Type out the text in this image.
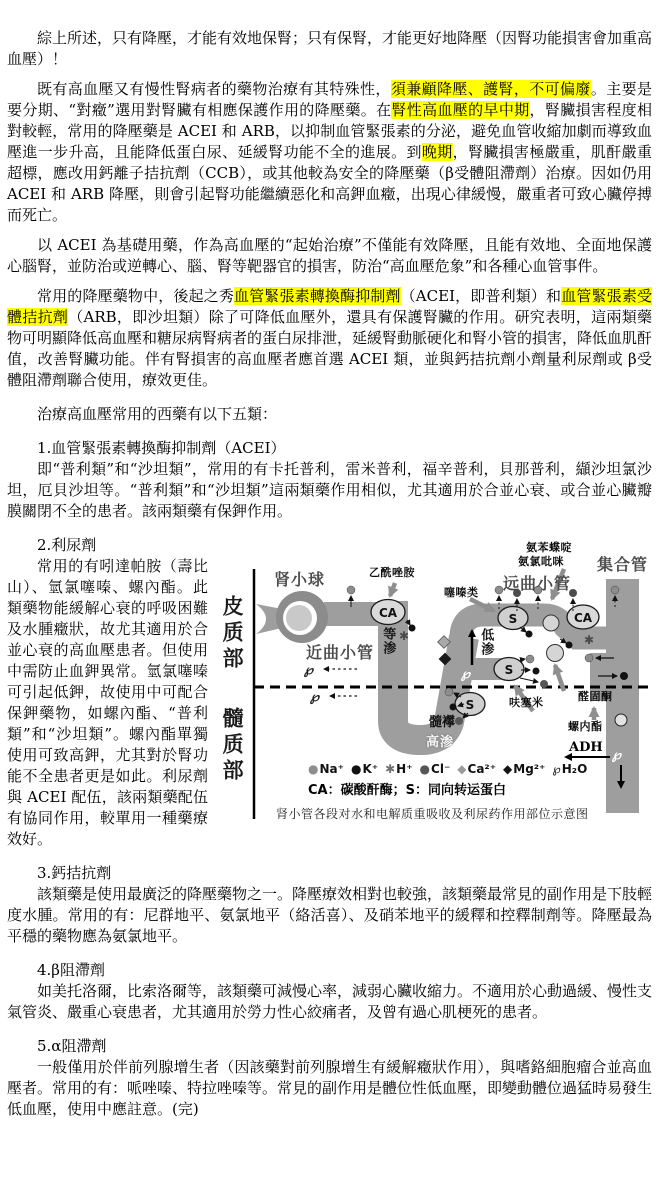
綜上所述，只有降壓，才能有效地保腎；只有保腎，才能更好地降壓（因腎功能損害會加重高血壓）！

既有高血壓又有慢性腎病者的藥物治療有其特殊性，須兼顧降壓、護腎，不可偏廢。主要是要分期、“對癥”選用對腎臟有相應保護作用的降壓藥。在腎性高血壓的早中期，腎臟損害程度相對較輕，常用的降壓藥是 ACEI 和 ARB，以抑制血管緊張素的分泌，避免血管收縮加劇而導致血壓進一步升高，且能降低蛋白尿、延緩腎功能不全的進展。到晚期，腎臟損害極嚴重，肌酐嚴重超標，應改用鈣離子拮抗劑（CCB），或其他較為安全的降壓藥（β受體阻滯劑）治療。因如仍用 ACEI 和 ARB 降壓，則會引起腎功能繼續惡化和高鉀血癥，出現心律緩慢，嚴重者可致心臟停搏而死亡。

以 ACEI 為基礎用藥，作為高血壓的“起始治療”不僅能有效降壓，且能有效地、全面地保護心腦腎，並防治或逆轉心、腦、腎等靶器官的損害，防治“高血壓危象”和各種心血管事件。

常用的降壓藥物中，後起之秀血管緊張素轉換酶抑制劑（ACEI，即普利類）和血管緊張素受體拮抗劑（ARB，即沙坦類）除了可降低血壓外，還具有保護腎臟的作用。研究表明，這兩類藥物可明顯降低高血壓和糖尿病腎病者的蛋白尿排泄，延緩腎動脈硬化和腎小管的損害，降低血肌酐值，改善腎臟功能。伴有腎損害的高血壓者應首選 ACEI 類，並與鈣拮抗劑小劑量利尿劑或 β受體阻滯劑聯合使用，療效更佳。

治療高血壓常用的西藥有以下五類：

1.血管緊張素轉換酶抑制劑（ACEI）

即“普利類”和“沙坦類”，常用的有卡托普利，雷米普利，福辛普利，貝那普利，纈沙坦氯沙坦，厄貝沙坦等。“普利類”和“沙坦類”這兩類藥作用相似，尤其適用於合並心衰、或合並心臟瓣膜關閉不全的患者。該兩類藥有保鉀作用。

℘
℘
℘
℘
CA	CA
S
S
S
✱	✱
皮质部
髓质部
肾小球
近曲小管
远曲小管
集合管
髓襻
乙酰唑胺
噻嗪类
氨苯蝶啶
氨氯吡咪
呋塞米	醛固酮
螺内酯
ADH
等渗	低渗
高渗
●Na⁺ ●K⁺ ✱H⁺ ●Cl⁻ ◆Ca²⁺ ◆Mg²⁺ ℘H₂O
CA：碳酸酐酶；S：同向转运蛋白
肾小管各段对水和电解质重吸收及利尿药作用部位示意图

2.利尿劑

常用的有吲達帕胺（壽比山）、氫氯噻嗪、螺內酯。此類藥物能緩解心衰的呼吸困難及水腫癥狀，故尤其適用於合並心衰的高血壓患者。但使用中需防止血鉀異常。氫氯噻嗪可引起低鉀，故使用中可配合保鉀藥物，如螺內酯、“普利類”和“沙坦類”。螺內酯單獨使用可致高鉀，尤其對於腎功能不全患者更是如此。利尿劑與 ACEI 配伍，該兩類藥配伍有協同作用，較單用一種藥療效好。

3.鈣拮抗劑

該類藥是使用最廣泛的降壓藥物之一。降壓療效相對也較強，該類藥最常見的副作用是下肢輕度水腫。常用的有：尼群地平、氨氯地平（絡活喜）、及硝苯地平的緩釋和控釋制劑等。降壓最為平穩的藥物應為氨氯地平。

4.β阻滯劑

如美托洛爾，比索洛爾等，該類藥可減慢心率，減弱心臟收縮力。不適用於心動過緩、慢性支氣管炎、嚴重心衰患者，尤其適用於勞力性心絞痛者，及曾有過心肌梗死的患者。

5.α阻滯劑

一般僅用於伴前列腺增生者（因該藥對前列腺增生有緩解癥狀作用），與嗜鉻細胞瘤合並高血壓者。常用的有：哌唑嗪、特拉唑嗪等。常見的副作用是體位性低血壓，即變動體位過猛時易發生低血壓，使用中應註意。(完)
